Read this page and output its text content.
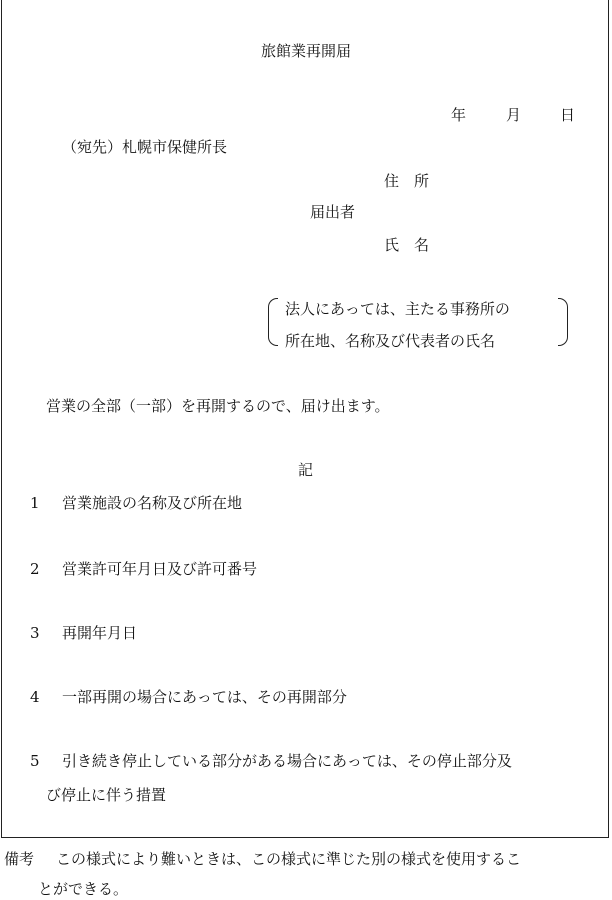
旅館業再開届
年	月	日
（宛先）札幌市保健所長
住　所
届出者
氏　名
法人にあっては、主たる事務所の
所在地、名称及び代表者の氏名
営業の全部（一部）を再開するので、届け出ます。
記
1 営業施設の名称及び所在地
2 営業許可年月日及び許可番号
3 再開年月日
4 一部再開の場合にあっては、その再開部分
5 引き続き停止している部分がある場合にあっては、その停止部分及
び停止に伴う措置
備考 この様式により難いときは、この様式に準じた別の様式を使用するこ
とができる。
